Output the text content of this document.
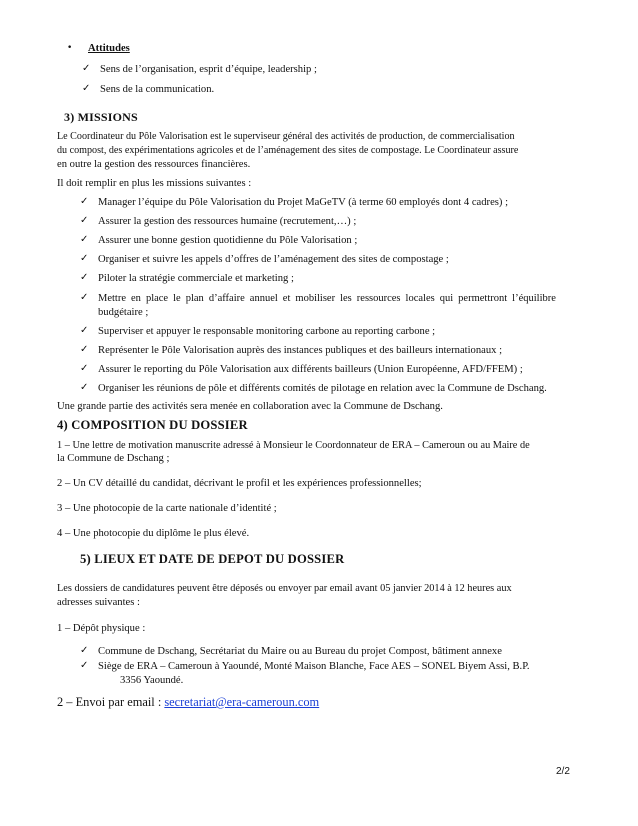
• Attitudes
✓ Sens de l’organisation, esprit d’équipe, leadership ;
✓ Sens de la communication.
3) MISSIONS
Le Coordinateur du Pôle Valorisation est le superviseur général des activités de production, de commercialisation
du compost, des expérimentations agricoles et de l’aménagement des sites de compostage. Le Coordinateur assure
en outre la gestion des ressources financières.
Il doit remplir en plus les missions suivantes :
✓ Manager l’équipe du Pôle Valorisation du Projet MaGeTV (à terme 60 employés dont 4 cadres) ;
✓ Assurer la gestion des ressources humaine (recrutement,…) ;
✓ Assurer une bonne gestion quotidienne du Pôle Valorisation ;
✓ Organiser et suivre les appels d’offres de l’aménagement des sites de compostage ;
✓ Piloter la stratégie commerciale et marketing ;
✓ Mettre en place le plan d’affaire annuel et mobiliser les ressources locales qui permettront l’équilibre
budgétaire ;
✓ Superviser et appuyer le responsable monitoring carbone au reporting carbone ;
✓ Représenter le Pôle Valorisation auprès des instances publiques et des bailleurs internationaux ;
✓ Assurer le reporting du Pôle Valorisation aux différents bailleurs (Union Européenne, AFD/FFEM) ;
✓ Organiser les réunions de pôle et différents comités de pilotage en relation avec la Commune de Dschang.
Une grande partie des activités sera menée en collaboration avec la Commune de Dschang.
4) COMPOSITION DU DOSSIER
1 – Une lettre de motivation manuscrite adressé à Monsieur le Coordonnateur de ERA – Cameroun ou au Maire de
la Commune de Dschang ;
2 – Un CV détaillé du candidat, décrivant le profil et les expériences professionnelles;
3 – Une photocopie de la carte nationale d’identité ;
4 – Une photocopie du diplôme le plus élevé.
5) LIEUX ET DATE DE DEPOT DU DOSSIER
Les dossiers de candidatures peuvent être déposés ou envoyer par email avant 05 janvier 2014 à 12 heures aux
adresses suivantes :
1 – Dépôt physique :
✓ Commune de Dschang, Secrétariat du Maire ou au Bureau du projet Compost, bâtiment annexe
✓ Siège de ERA – Cameroun à Yaoundé, Monté Maison Blanche, Face AES – SONEL Biyem Assi, B.P.
3356 Yaoundé.
2 – Envoi par email : secretariat@era-cameroun.com
2/2
